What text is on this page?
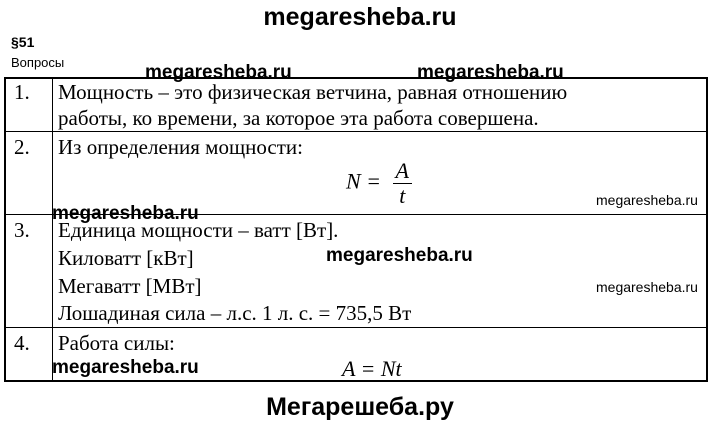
megaresheba.ru
§51
Вопросы
1. Мощность – это физическая ветчина, равная отношению
работы, ко времени, за которое эта работа совершена.
2. Из определения мощности:
$N = \frac{A}{t}$
3. Единица мощности – ватт [Вт].
Киловатт [кВт]
Мегаватт [МВт]
Лошадиная сила – л.с. 1 л. с. = 735,5 Вт
4. Работа силы:
A = Nt
megaresheba.ru	megaresheba.ru
megaresheba.ru
megaresheba.ru
megaresheba.ru
megaresheba.ru
megaresheba.ru
Мегарешеба.ру
